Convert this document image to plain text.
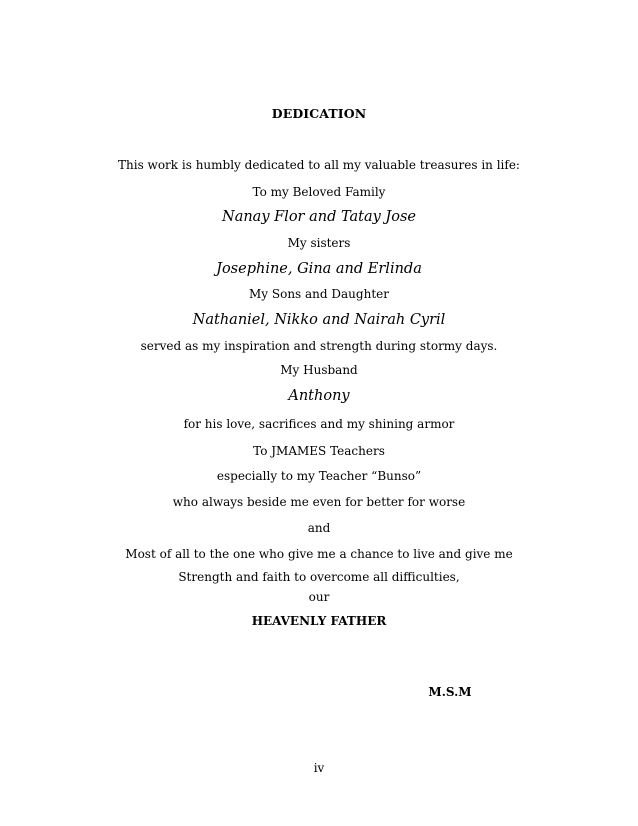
DEDICATION
This work is humbly dedicated to all my valuable treasures in life:
To my Beloved Family
Nanay Flor and Tatay Jose
My sisters
Josephine, Gina and Erlinda
My Sons and Daughter
Nathaniel, Nikko and Nairah Cyril
served as my inspiration and strength during stormy days.
My Husband
Anthony
for his love, sacrifices and my shining armor
To JMAMES Teachers
especially to my Teacher “Bunso”
who always beside me even for better for worse
and
Most of all to the one who give me a chance to live and give me
Strength and faith to overcome all difficulties,
our
HEAVENLY FATHER
M.S.M
iv
